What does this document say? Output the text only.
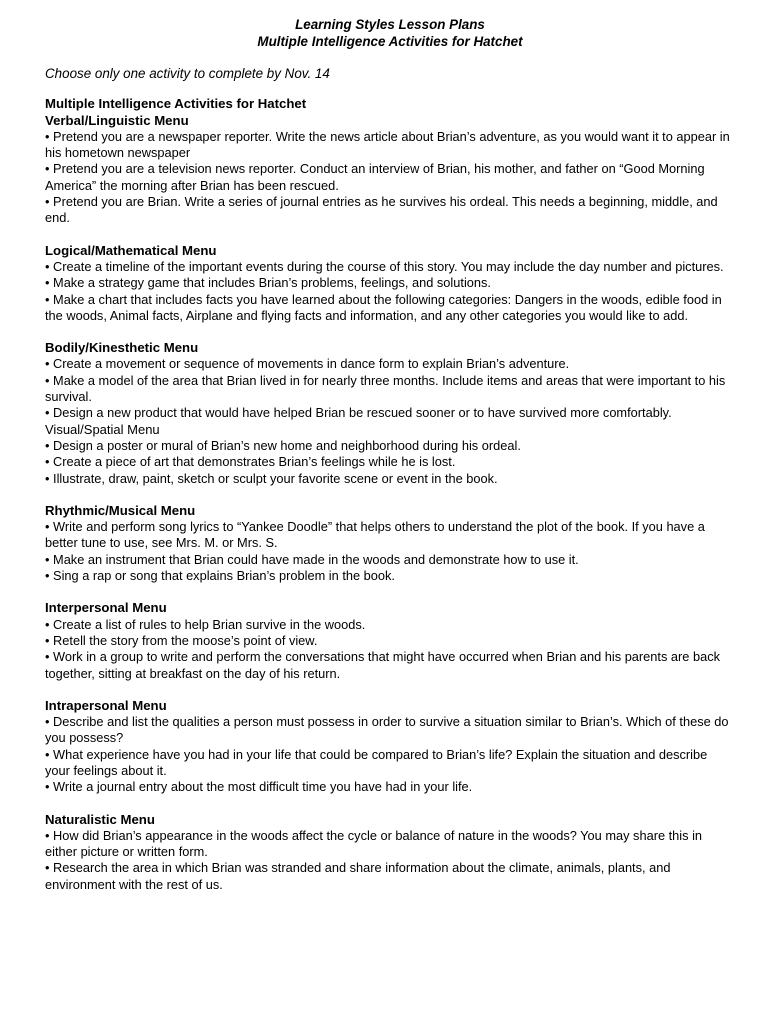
Learning Styles Lesson Plans
Multiple Intelligence Activities for Hatchet
Choose only one activity to complete by Nov. 14
Multiple Intelligence Activities for Hatchet
Verbal/Linguistic Menu

• Pretend you are a newspaper reporter. Write the news article about Brian’s adventure, as you would want it to appear in his hometown newspaper

• Pretend you are a television news reporter. Conduct an interview of Brian, his mother, and father on “Good Morning America” the morning after Brian has been rescued.

• Pretend you are Brian. Write a series of journal entries as he survives his ordeal. This needs a beginning, middle, and end.

Logical/Mathematical Menu

• Create a timeline of the important events during the course of this story. You may include the day number and pictures.

• Make a strategy game that includes Brian’s problems, feelings, and solutions.

• Make a chart that includes facts you have learned about the following categories: Dangers in the woods, edible food in the woods, Animal facts, Airplane and flying facts and information, and any other categories you would like to add.

Bodily/Kinesthetic Menu

• Create a movement or sequence of movements in dance form to explain Brian’s adventure.

• Make a model of the area that Brian lived in for nearly three months. Include items and areas that were important to his survival.

• Design a new product that would have helped Brian be rescued sooner or to have survived more comfortably.

Visual/Spatial Menu

• Design a poster or mural of Brian’s new home and neighborhood during his ordeal.

• Create a piece of art that demonstrates Brian’s feelings while he is lost.

• Illustrate, draw, paint, sketch or sculpt your favorite scene or event in the book.

Rhythmic/Musical Menu

• Write and perform song lyrics to “Yankee Doodle” that helps others to understand the plot of the book. If you have a better tune to use, see Mrs. M. or Mrs. S.

• Make an instrument that Brian could have made in the woods and demonstrate how to use it.

• Sing a rap or song that explains Brian’s problem in the book.

Interpersonal Menu

• Create a list of rules to help Brian survive in the woods.

• Retell the story from the moose’s point of view.

• Work in a group to write and perform the conversations that might have occurred when Brian and his parents are back together, sitting at breakfast on the day of his return.

Intrapersonal Menu

• Describe and list the qualities a person must possess in order to survive a situation similar to Brian’s. Which of these do you possess?

• What experience have you had in your life that could be compared to Brian’s life? Explain the situation and describe your feelings about it.

• Write a journal entry about the most difficult time you have had in your life.

Naturalistic Menu

• How did Brian’s appearance in the woods affect the cycle or balance of nature in the woods? You may share this in either picture or written form.

• Research the area in which Brian was stranded and share information about the climate, animals, plants, and environment with the rest of us.
